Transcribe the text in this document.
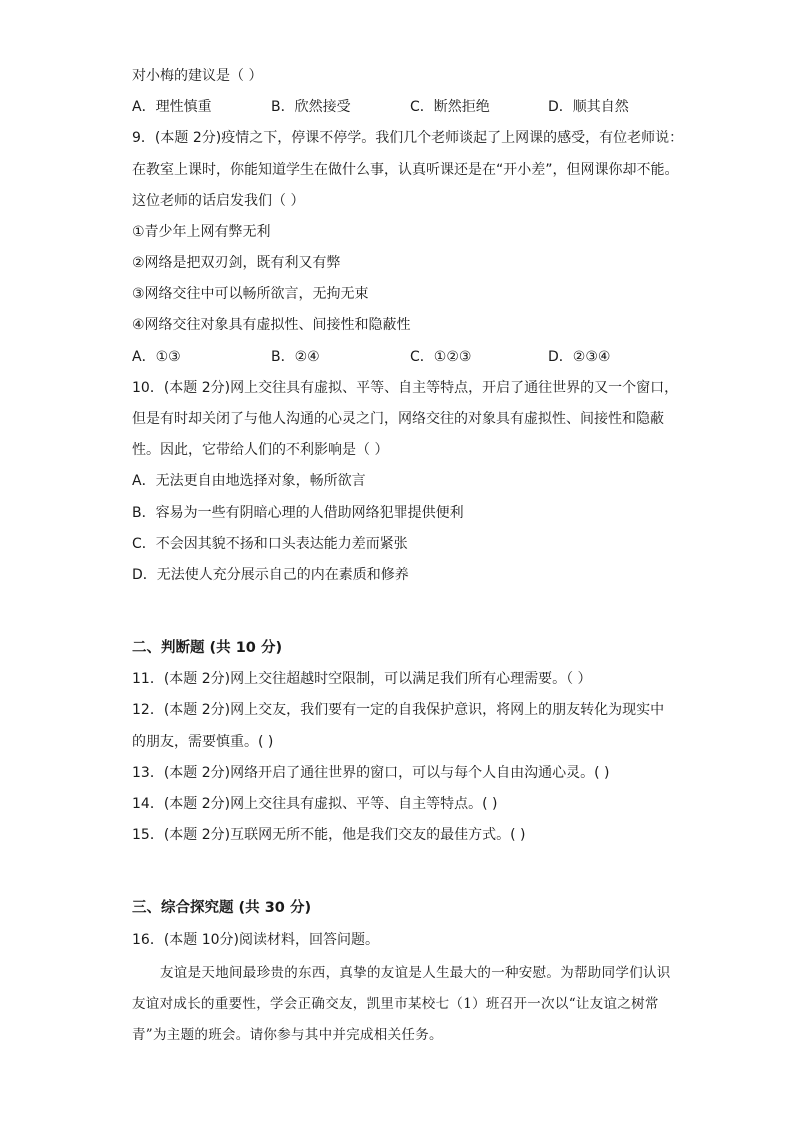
对小梅的建议是（ ）
A．理性慎重	B．欣然接受	C．断然拒绝	D．顺其自然
9．(本题 2分)疫情之下，停课不停学。我们几个老师谈起了上网课的感受，有位老师说：
在教室上课时，你能知道学生在做什么事，认真听课还是在“开小差”，但网课你却不能。
这位老师的话启发我们（ ）
①青少年上网有弊无利
②网络是把双刃剑，既有利又有弊
③网络交往中可以畅所欲言，无拘无束
④网络交往对象具有虚拟性、间接性和隐蔽性
A．①③	B．②④	C．①②③	D．②③④
10．(本题 2分)网上交往具有虚拟、平等、自主等特点，开启了通往世界的又一个窗口，
但是有时却关闭了与他人沟通的心灵之门，网络交往的对象具有虚拟性、间接性和隐蔽
性。因此，它带给人们的不利影响是（ ）
A．无法更自由地选择对象，畅所欲言
B．容易为一些有阴暗心理的人借助网络犯罪提供便利
C．不会因其貌不扬和口头表达能力差而紧张
D．无法使人充分展示自己的内在素质和修养
二、判断题 (共 10 分)
11．(本题 2分)网上交往超越时空限制，可以满足我们所有心理需要。（ ）
12．(本题 2分)网上交友，我们要有一定的自我保护意识，将网上的朋友转化为现实中
的朋友，需要慎重。( )
13．(本题 2分)网络开启了通往世界的窗口，可以与每个人自由沟通心灵。( )
14．(本题 2分)网上交往具有虚拟、平等、自主等特点。( )
15．(本题 2分)互联网无所不能，他是我们交友的最佳方式。( )
三、综合探究题 (共 30 分)
16．(本题 10分)阅读材料，回答问题。
友谊是天地间最珍贵的东西，真挚的友谊是人生最大的一种安慰。为帮助同学们认识友谊对成长的重要性，学会正确交友，凯里市某校七（1）班召开一次以“让友谊之树常青”为主题的班会。请你参与其中并完成相关任务。
